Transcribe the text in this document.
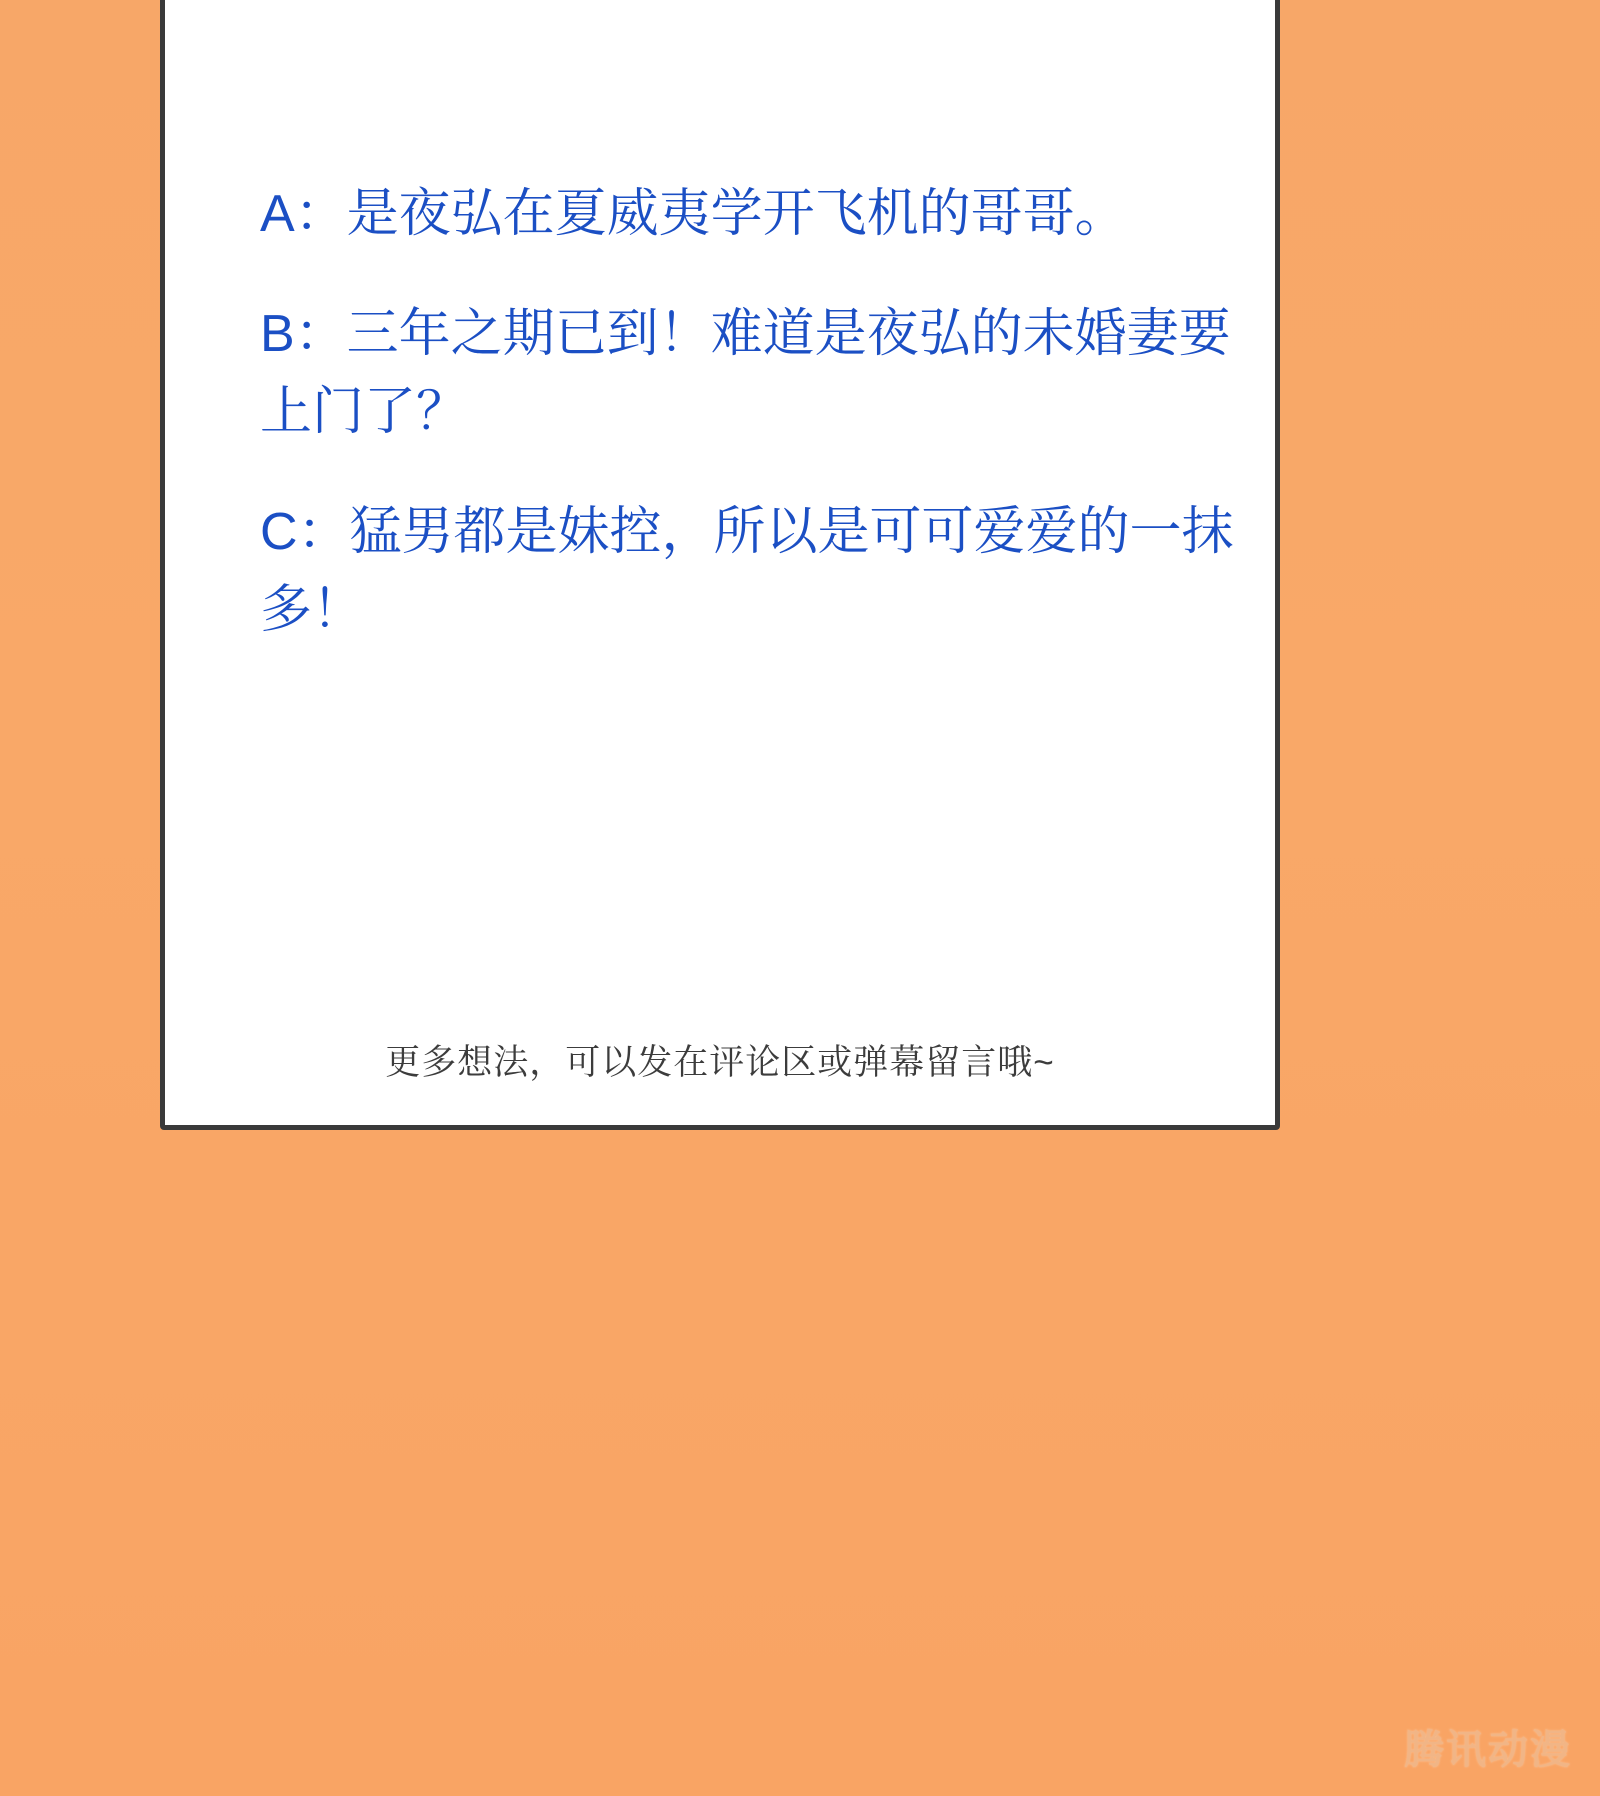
A：是夜弘在夏威夷学开飞机的哥哥。
B：三年之期已到！难道是夜弘的未婚妻要上门了？
C：猛男都是妹控，所以是可可爱爱的一抹多！
更多想法，可以发在评论区或弹幕留言哦~
腾讯动漫
